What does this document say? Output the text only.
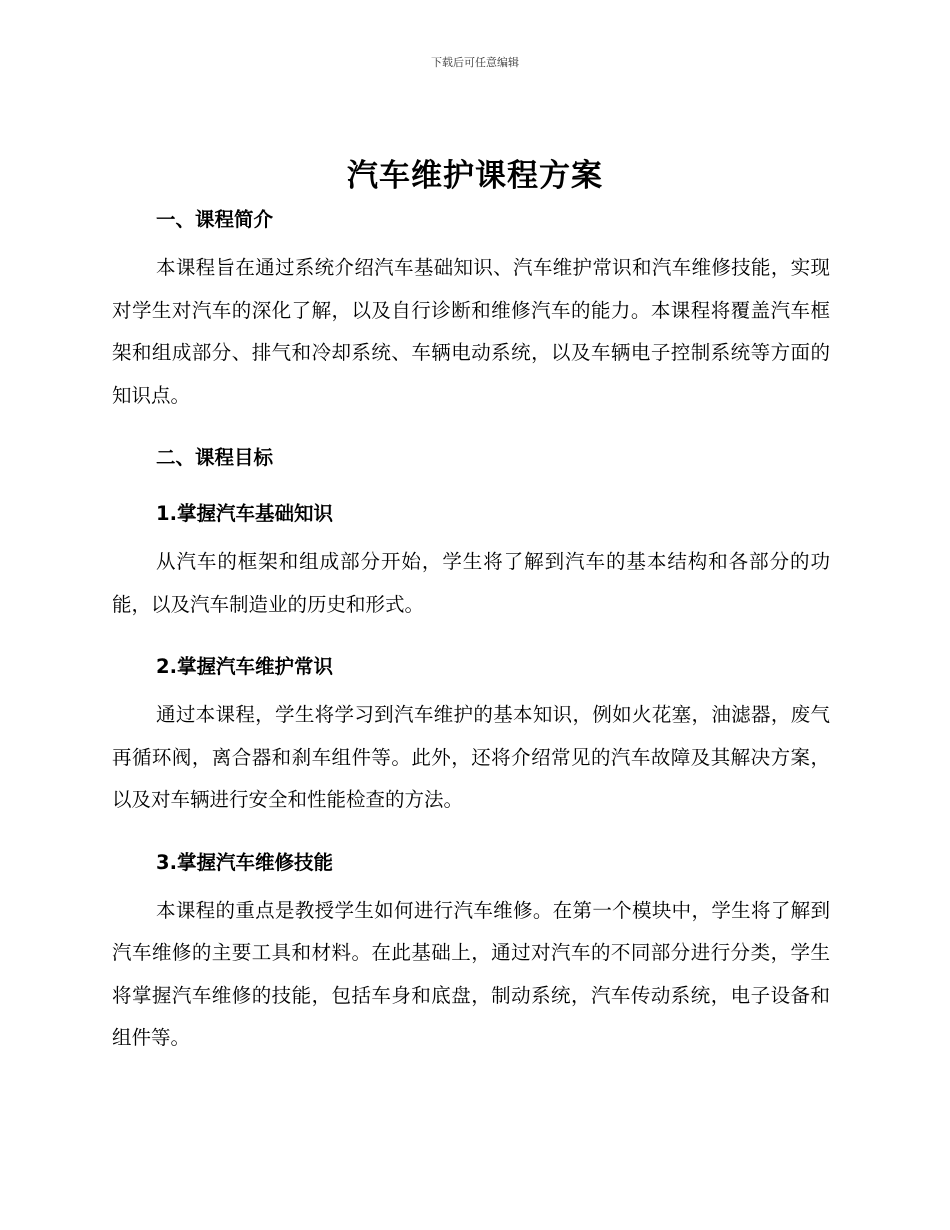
下载后可任意编辑
汽车维护课程方案
一、课程简介

本课程旨在通过系统介绍汽车基础知识、汽车维护常识和汽车维修技能，实现对学生对汽车的深化了解，以及自行诊断和维修汽车的能力。本课程将覆盖汽车框架和组成部分、排气和冷却系统、车辆电动系统，以及车辆电子控制系统等方面的知识点。

二、课程目标
1.掌握汽车基础知识

从汽车的框架和组成部分开始，学生将了解到汽车的基本结构和各部分的功能，以及汽车制造业的历史和形式。

2.掌握汽车维护常识

通过本课程，学生将学习到汽车维护的基本知识，例如火花塞，油滤器，废气再循环阀，离合器和刹车组件等。此外，还将介绍常见的汽车故障及其解决方案，以及对车辆进行安全和性能检查的方法。

3.掌握汽车维修技能

本课程的重点是教授学生如何进行汽车维修。在第一个模块中，学生将了解到汽车维修的主要工具和材料。在此基础上，通过对汽车的不同部分进行分类，学生将掌握汽车维修的技能，包括车身和底盘，制动系统，汽车传动系统，电子设备和组件等。
